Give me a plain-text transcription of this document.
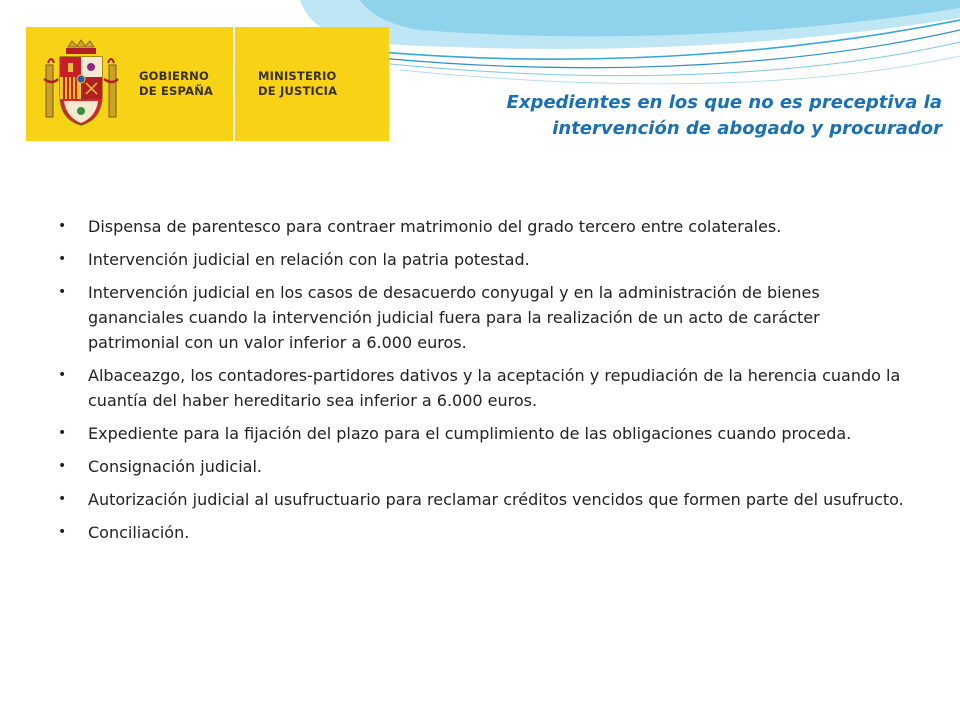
GOBIERNO
DE ESPAÑA
MINISTERIO
DE JUSTICIA
Expedientes en los que no es preceptiva la
intervención de abogado y procurador
• Dispensa de parentesco para contraer matrimonio del grado tercero entre colaterales.
• Intervención judicial en relación con la patria potestad.
• Intervención judicial en los casos de desacuerdo conyugal y en la administración de bienes gananciales cuando la intervención judicial fuera para la realización de un acto de carácter patrimonial con un valor inferior a 6.000 euros.
• Albaceazgo, los contadores-partidores dativos y la aceptación y repudiación de la herencia cuando la cuantía del haber hereditario sea inferior a 6.000 euros.
• Expediente para la fijación del plazo para el cumplimiento de las obligaciones cuando proceda.
• Consignación judicial.
• Autorización judicial al usufructuario para reclamar créditos vencidos que formen parte del usufructo.
• Conciliación.
